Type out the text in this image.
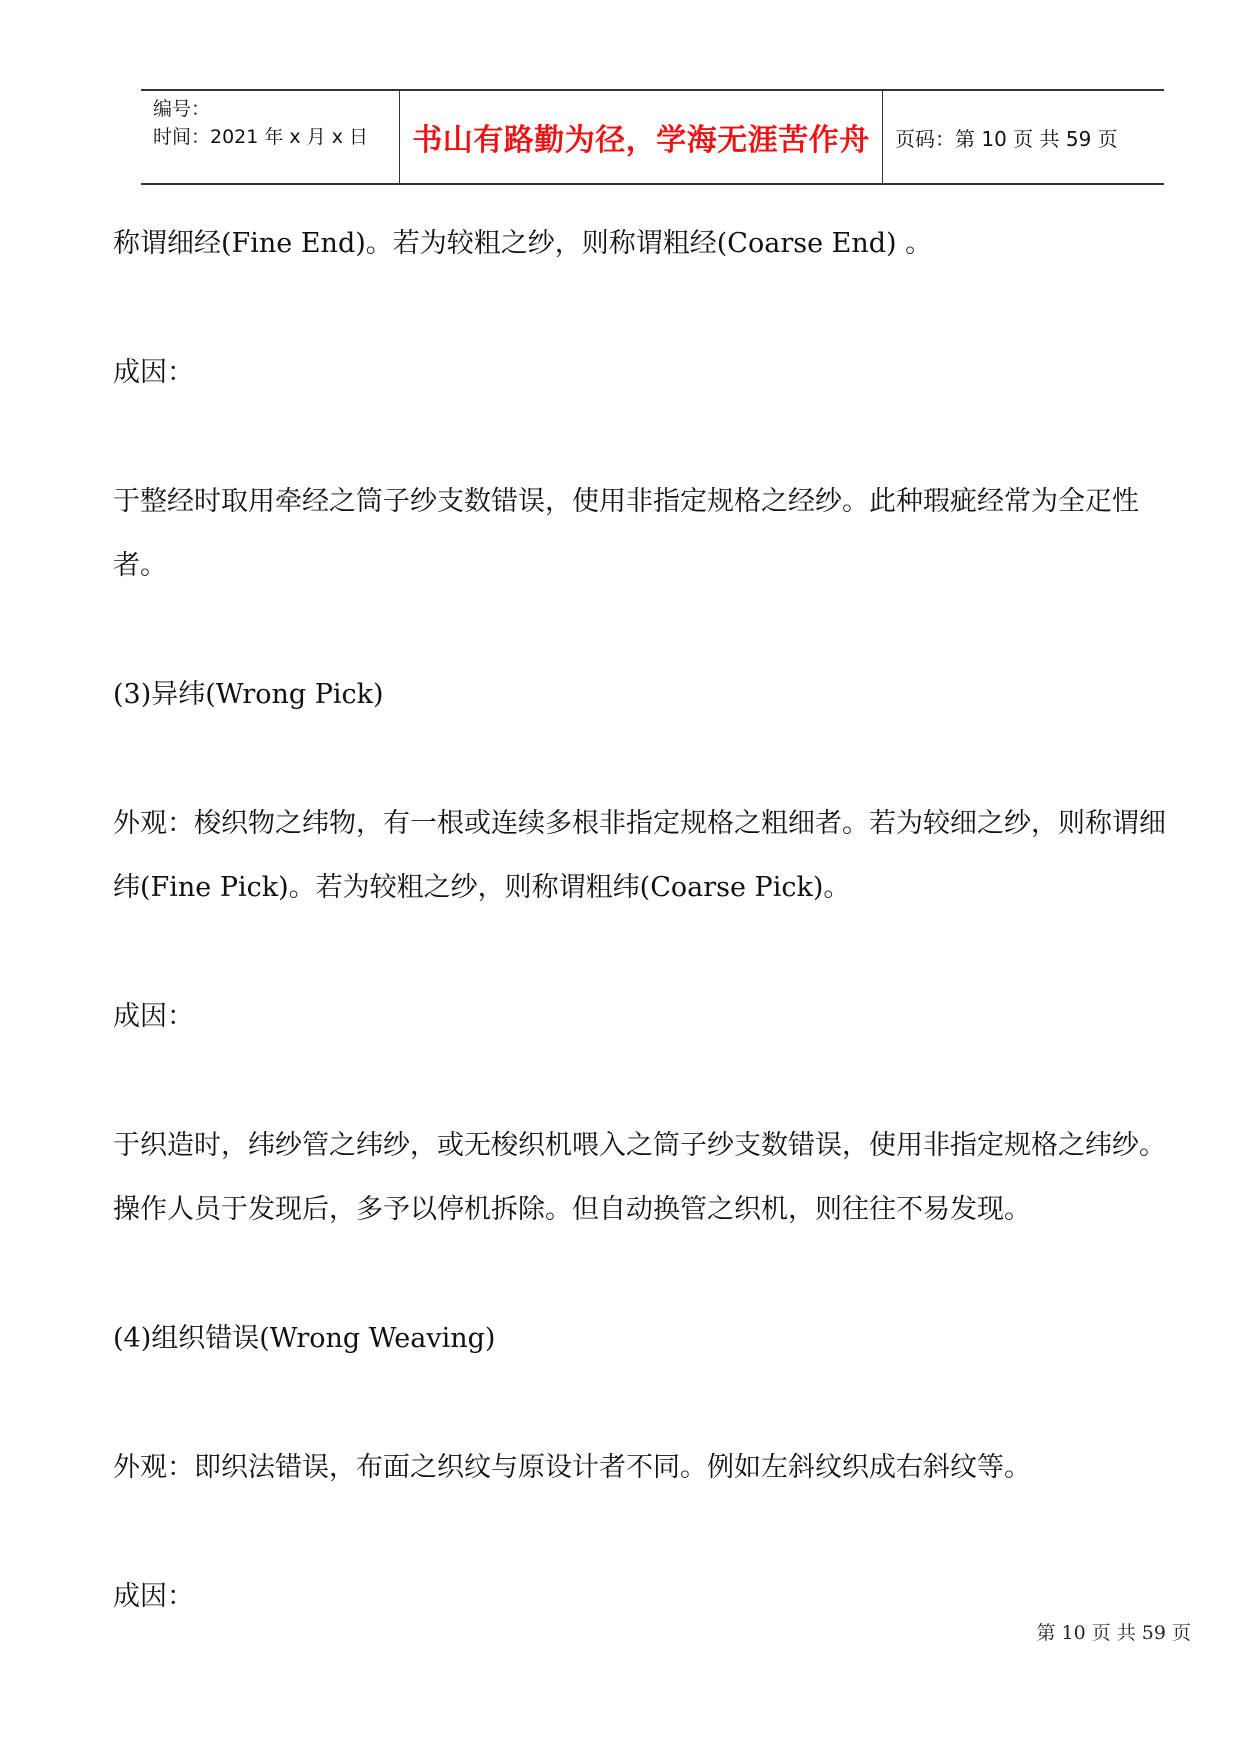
编号：
时间：2021 年 x 月 x 日	书山有路勤为径，学海无涯苦作舟	页码：第 10 页 共 59 页
称谓细经(Fine End)。若为较粗之纱，则称谓粗经(Coarse End) 。
成因：
于整经时取用牵经之筒子纱支数错误，使用非指定规格之经纱。此种瑕疵经常为全疋性者。
(3)异纬(Wrong Pick)
外观：梭织物之纬物，有一根或连续多根非指定规格之粗细者。若为较细之纱，则称谓细纬(Fine Pick)。若为较粗之纱，则称谓粗纬(Coarse Pick)。
成因：
于织造时，纬纱管之纬纱，或无梭织机喂入之筒子纱支数错误，使用非指定规格之纬纱。操作人员于发现后，多予以停机拆除。但自动换管之织机，则往往不易发现。
(4)组织错误(Wrong Weaving)
外观：即织法错误，布面之织纹与原设计者不同。例如左斜纹织成右斜纹等。
成因：
第 10 页 共 59 页
